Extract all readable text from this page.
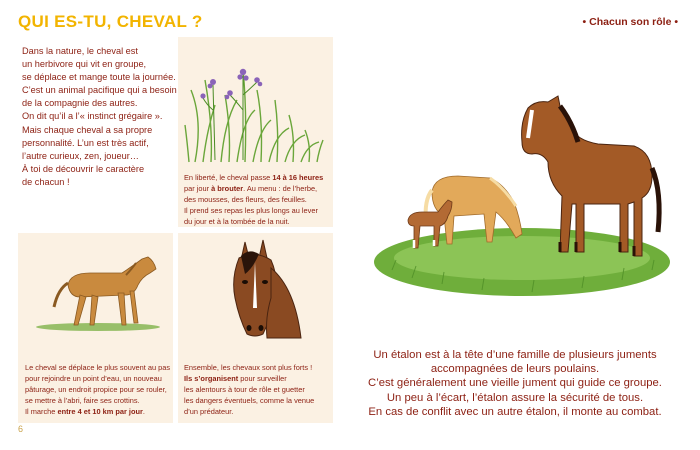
QUI ES-TU, CHEVAL ?	• Chacun son rôle •
Dans la nature, le cheval est
un herbivore qui vit en groupe,
se déplace et mange toute la journée.
C’est un animal pacifique qui a besoin
de la compagnie des autres.
On dit qu’il a l’« instinct grégaire ».
Mais chaque cheval a sa propre
personnalité. L’un est très actif,
l’autre curieux, zen, joueur…
À toi de découvrir le caractère
de chacun !	En liberté, le cheval passe 14 à 16 heures
par jour à brouter. Au menu : de l’herbe,
des mousses, des fleurs, des feuilles.
Il prend ses repas les plus longs au lever
du jour et à la tombée de la nuit.
Le cheval se déplace le plus souvent au pas
pour rejoindre un point d’eau, un nouveau
pâturage, un endroit propice pour se rouler,
se mettre à l’abri, faire ses crottins.
Il marche entre 4 et 10 km par jour.
Ensemble, les chevaux sont plus forts !
Ils s’organisent pour surveiller
les alentours à tour de rôle et guetter
les dangers éventuels, comme la venue
d’un prédateur.
Un étalon est à la tête d’une famille de plusieurs juments
accompagnées de leurs poulains.
C’est généralement une vieille jument qui guide ce groupe.
Un peu à l’écart, l’étalon assure la sécurité de tous.
En cas de conflit avec un autre étalon, il monte au combat.
6
